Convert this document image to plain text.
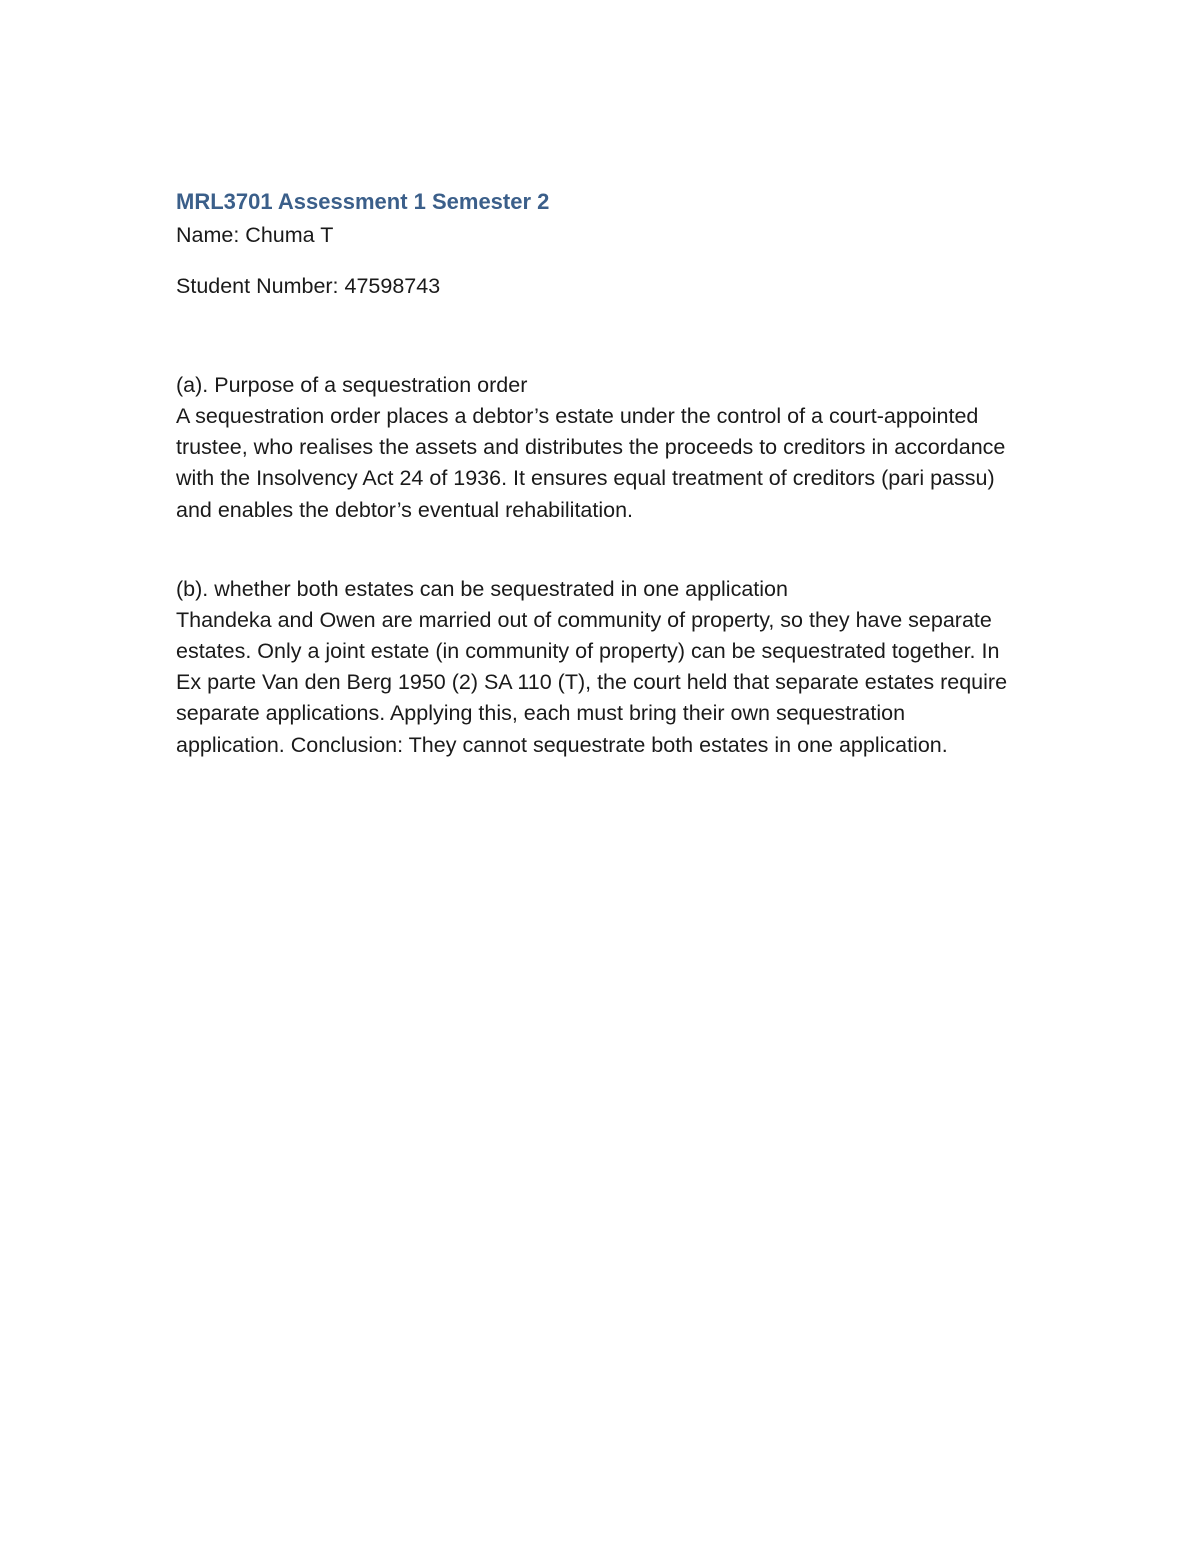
MRL3701 Assessment 1 Semester 2

Name: Chuma T

Student Number: 47598743

(a). Purpose of a sequestration order

A sequestration order places a debtor’s estate under the control of a court-appointed trustee, who realises the assets and distributes the proceeds to creditors in accordance with the Insolvency Act 24 of 1936. It ensures equal treatment of creditors (pari passu) and enables the debtor’s eventual rehabilitation.

(b). whether both estates can be sequestrated in one application

Thandeka and Owen are married out of community of property, so they have separate estates. Only a joint estate (in community of property) can be sequestrated together. In Ex parte Van den Berg 1950 (2) SA 110 (T), the court held that separate estates require separate applications. Applying this, each must bring their own sequestration application. Conclusion: They cannot sequestrate both estates in one application.
